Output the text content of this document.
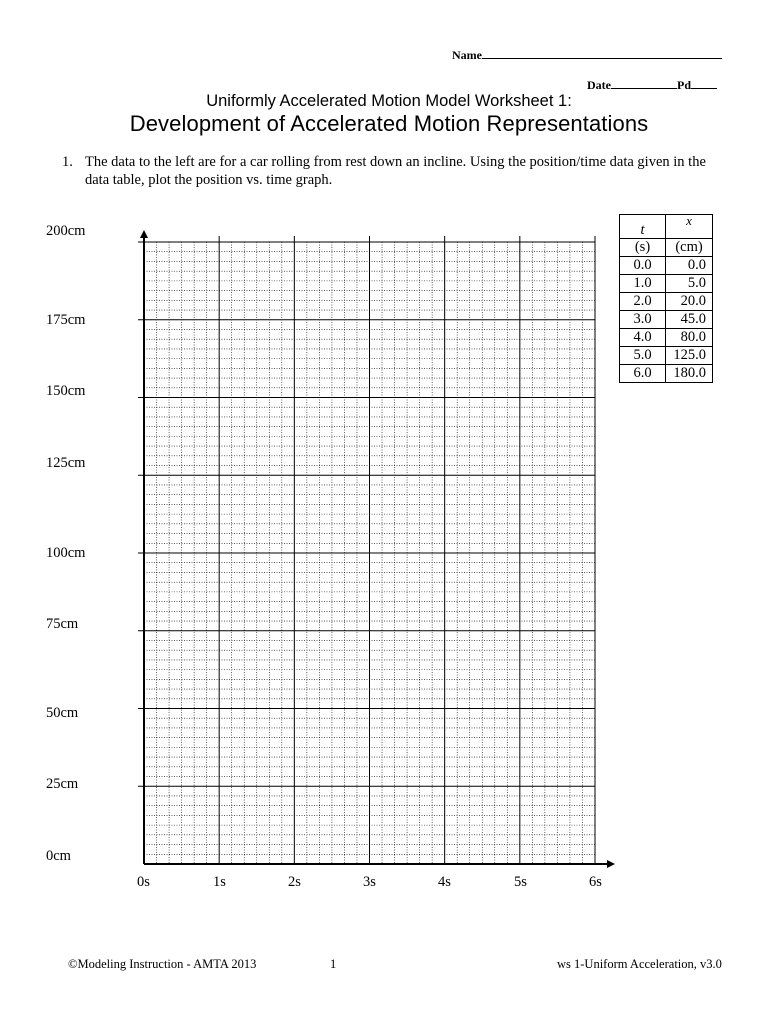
Name
Date	Pd
Uniformly Accelerated Motion Model Worksheet 1:
Development of Accelerated Motion Representations
1. The data to the left are for a car rolling from rest down an incline. Using the position/time data given in the data table, plot the position vs. time graph.
200cm
175cm
150cm
125cm
100cm
75cm
50cm
25cm
0cm
0s	1s	2s	3s	4s	5s	6s
t	x
(s)	(cm)
0.0	0.0
1.0	5.0
2.0	20.0
3.0	45.0
4.0	80.0
5.0	125.0
6.0	180.0
©Modeling Instruction - AMTA 2013	1	ws 1-Uniform Acceleration, v3.0
